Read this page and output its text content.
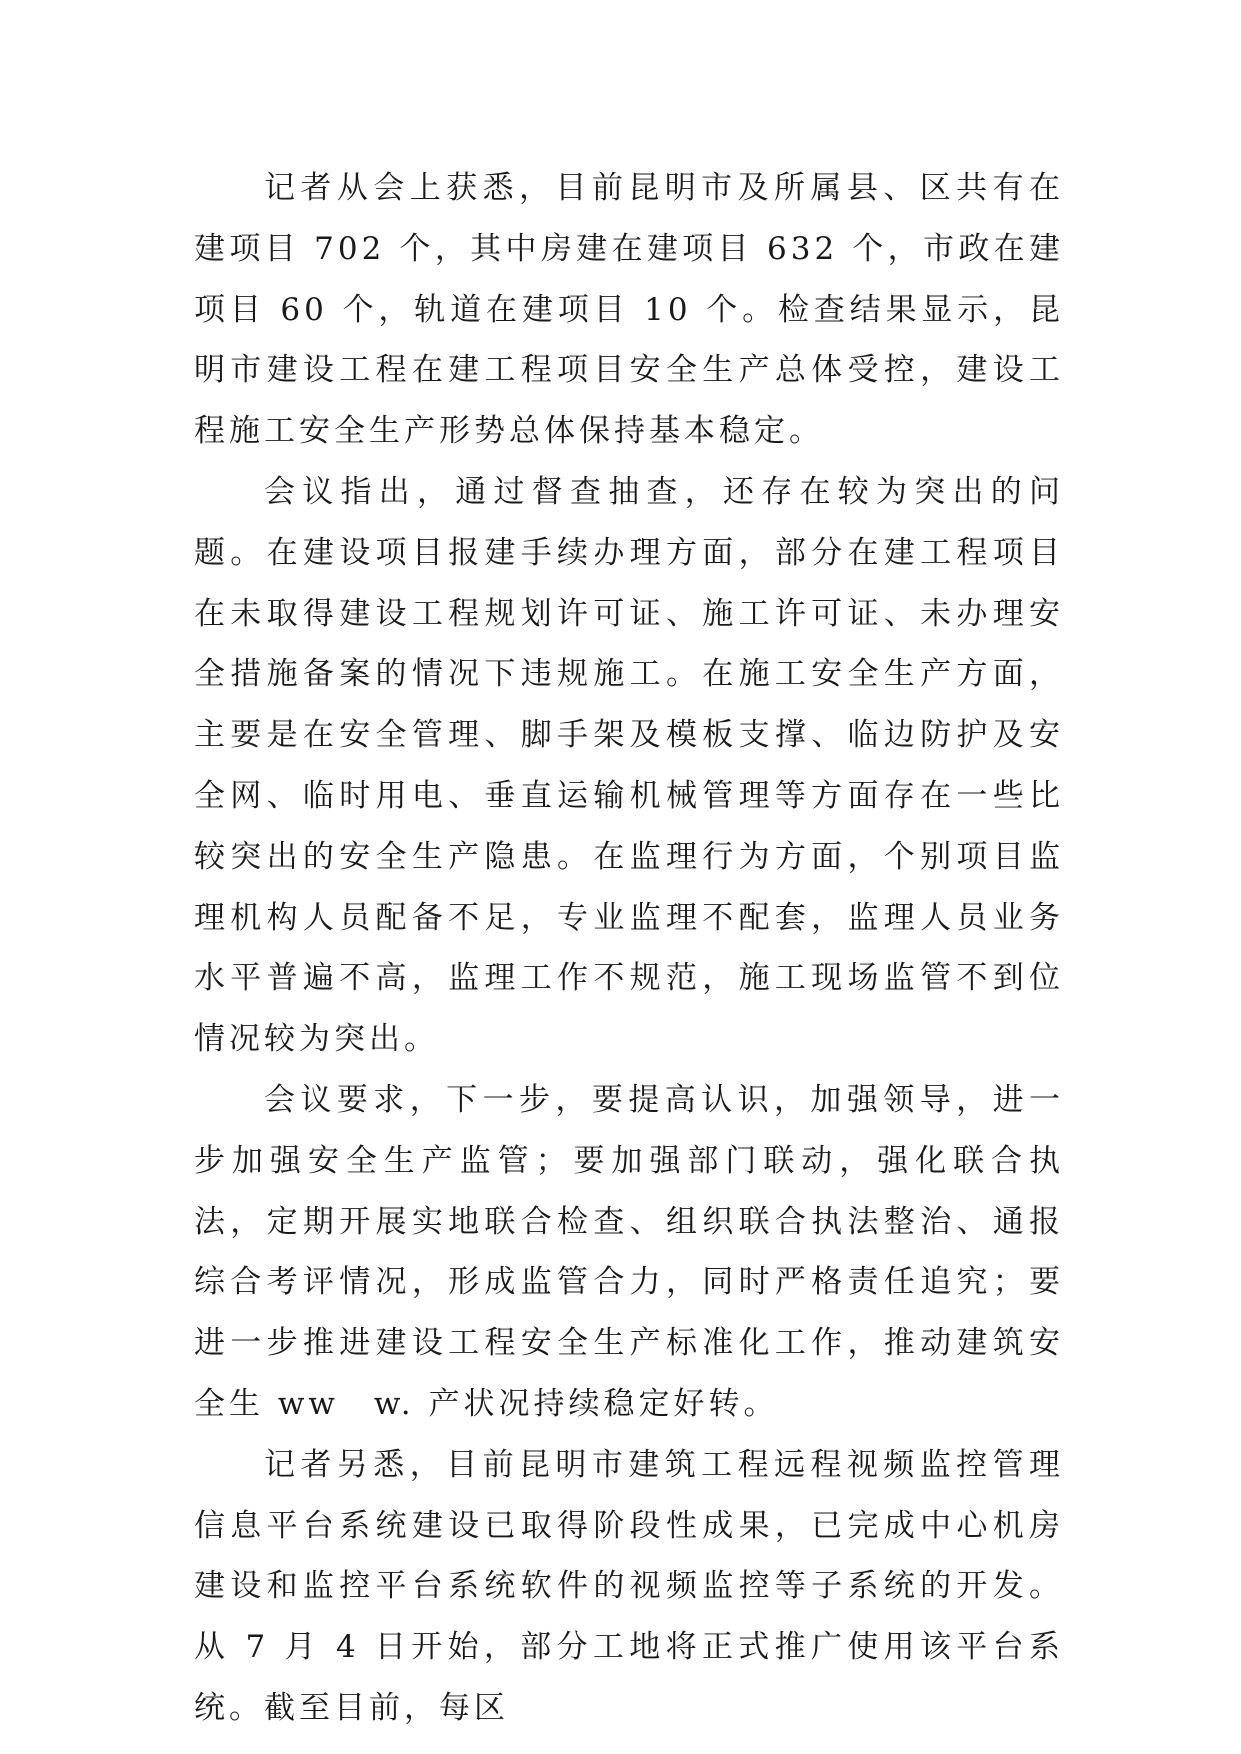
记者从会上获悉，目前昆明市及所属县、区共有在建项目 702 个，其中房建在建项目 632 个，市政在建项目 60 个，轨道在建项目 10 个。检查结果显示，昆明市建设工程在建工程项目安全生产总体受控，建设工程施工安全生产形势总体保持基本稳定。

会议指出，通过督查抽查，还存在较为突出的问题。在建设项目报建手续办理方面，部分在建工程项目在未取得建设工程规划许可证、施工许可证、未办理安全措施备案的情况下违规施工。在施工安全生产方面，主要是在安全管理、脚手架及模板支撑、临边防护及安全网、临时用电、垂直运输机械管理等方面存在一些比较突出的安全生产隐患。在监理行为方面，个别项目监理机构人员配备不足，专业监理不配套，监理人员业务水平普遍不高，监理工作不规范，施工现场监管不到位情况较为突出。

会议要求，下一步，要提高认识，加强领导，进一步加强安全生产监管；要加强部门联动，强化联合执法，定期开展实地联合检查、组织联合执法整治、通报综合考评情况，形成监管合力，同时严格责任追究；要进一步推进建设工程安全生产标准化工作，推动建筑安全生 ww　w. 产状况持续稳定好转。

记者另悉，目前昆明市建筑工程远程视频监控管理信息平台系统建设已取得阶段性成果，已完成中心机房建设和监控平台系统软件的视频监控等子系统的开发。从 7 月 4 日开始，部分工地将正式推广使用该平台系统。截至目前，每区
